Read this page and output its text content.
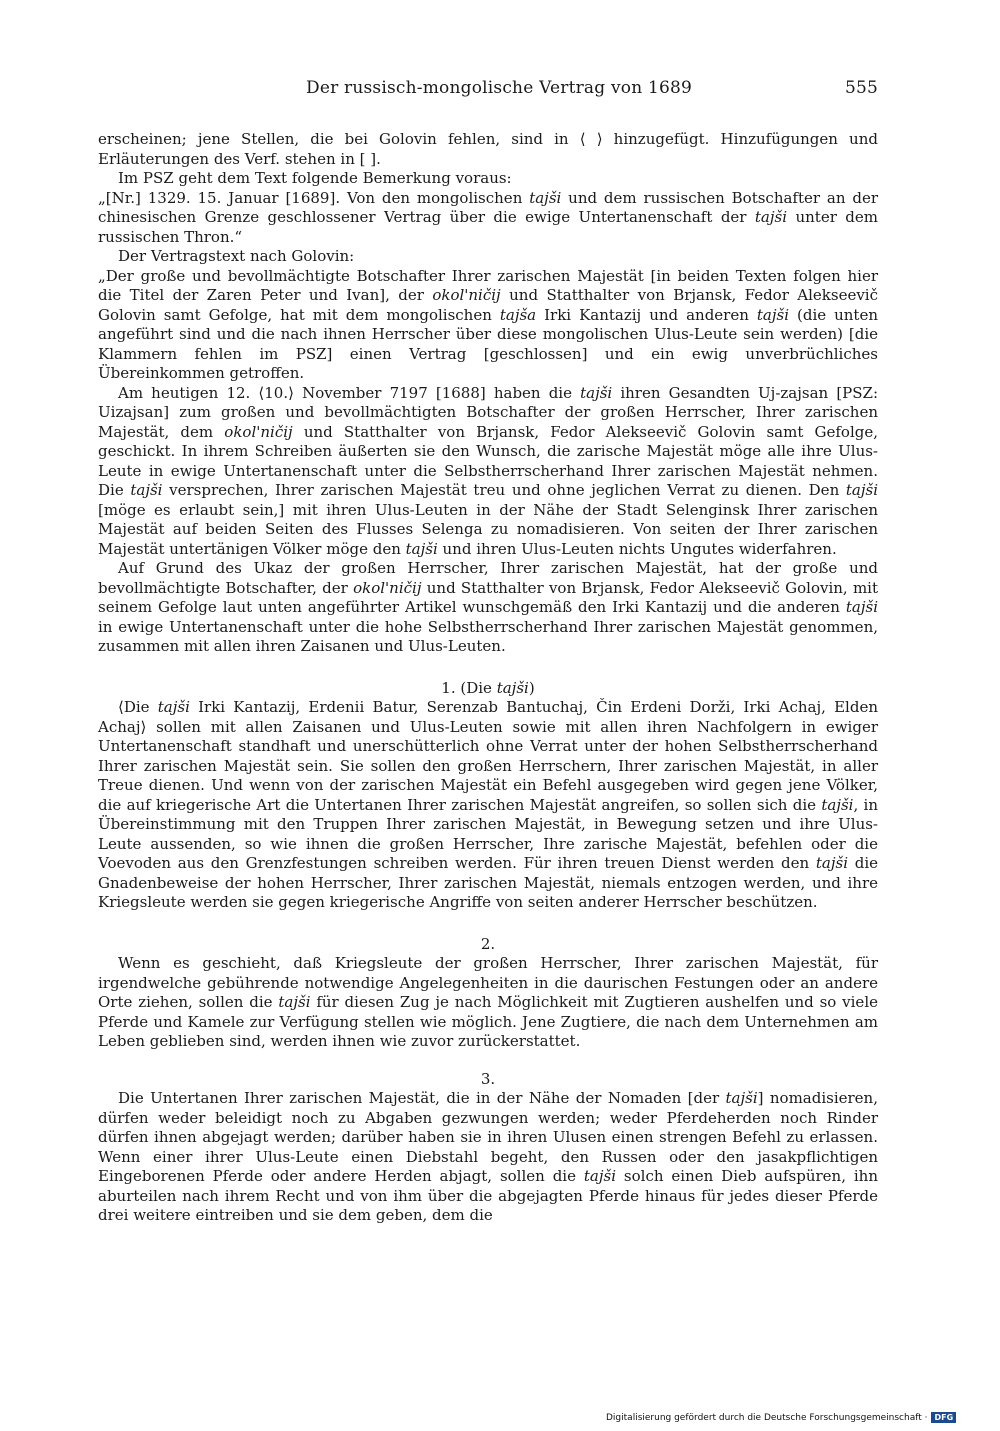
Der russisch-mongolische Vertrag von 1689	555

erscheinen; jene Stellen, die bei Golovin fehlen, sind in ⟨ ⟩ hinzugefügt. Hinzufügungen und Erläuterungen des Verf. stehen in [ ].

Im PSZ geht dem Text folgende Bemerkung voraus:

„[Nr.] 1329. 15. Januar [1689]. Von den mongolischen tajši und dem russischen Botschafter an der chinesischen Grenze geschlossener Vertrag über die ewige Untertanenschaft der tajši unter dem russischen Thron.“

Der Vertragstext nach Golovin:

„Der große und bevollmächtigte Botschafter Ihrer zarischen Majestät [in beiden Texten folgen hier die Titel der Zaren Peter und Ivan], der okol'ničij und Statthalter von Brjansk, Fedor Alekseevič Golovin samt Gefolge, hat mit dem mongolischen tajša Irki Kantazij und anderen tajši (die unten angeführt sind und die nach ihnen Herrscher über diese mongolischen Ulus-Leute sein werden) [die Klammern fehlen im PSZ] einen Vertrag [geschlossen] und ein ewig unverbrüchliches Übereinkommen getroffen.

Am heutigen 12. ⟨10.⟩ November 7197 [1688] haben die tajši ihren Gesandten Uj-zajsan [PSZ: Uizajsan] zum großen und bevollmächtigten Botschafter der großen Herrscher, Ihrer zarischen Majestät, dem okol'ničij und Statthalter von Brjansk, Fedor Alekseevič Golovin samt Gefolge, geschickt. In ihrem Schreiben äußerten sie den Wunsch, die zarische Majestät möge alle ihre Ulus-Leute in ewige Untertanenschaft unter die Selbstherrscherhand Ihrer zarischen Majestät nehmen. Die tajši versprechen, Ihrer zarischen Majestät treu und ohne jeglichen Verrat zu dienen. Den tajši [möge es erlaubt sein,] mit ihren Ulus-Leuten in der Nähe der Stadt Selenginsk Ihrer zarischen Majestät auf beiden Seiten des Flusses Selenga zu nomadisieren. Von seiten der Ihrer zarischen Majestät untertänigen Völker möge den tajši und ihren Ulus-Leuten nichts Ungutes widerfahren.

Auf Grund des Ukaz der großen Herrscher, Ihrer zarischen Majestät, hat der große und bevollmächtigte Botschafter, der okol'ničij und Statthalter von Brjansk, Fedor Alekseevič Golovin, mit seinem Gefolge laut unten angeführter Artikel wunschgemäß den Irki Kantazij und die anderen tajši in ewige Untertanenschaft unter die hohe Selbstherrscherhand Ihrer zarischen Majestät genommen, zusammen mit allen ihren Zaisanen und Ulus-Leuten.

1. (Die tajši)

⟨Die tajši Irki Kantazij, Erdenii Batur, Serenzab Bantuchaj, Čin Erdeni Dorži, Irki Achaj, Elden Achaj⟩ sollen mit allen Zaisanen und Ulus-Leuten sowie mit allen ihren Nachfolgern in ewiger Untertanenschaft standhaft und unerschütterlich ohne Verrat unter der hohen Selbstherrscherhand Ihrer zarischen Majestät sein. Sie sollen den großen Herrschern, Ihrer zarischen Majestät, in aller Treue dienen. Und wenn von der zarischen Majestät ein Befehl ausgegeben wird gegen jene Völker, die auf kriegerische Art die Untertanen Ihrer zarischen Majestät angreifen, so sollen sich die tajši, in Übereinstimmung mit den Truppen Ihrer zarischen Majestät, in Bewegung setzen und ihre Ulus-Leute aussenden, so wie ihnen die großen Herrscher, Ihre zarische Majestät, befehlen oder die Voevoden aus den Grenzfestungen schreiben werden. Für ihren treuen Dienst werden den tajši die Gnadenbeweise der hohen Herrscher, Ihrer zarischen Majestät, niemals entzogen werden, und ihre Kriegsleute werden sie gegen kriegerische Angriffe von seiten anderer Herrscher beschützen.

2.

Wenn es geschieht, daß Kriegsleute der großen Herrscher, Ihrer zarischen Majestät, für irgendwelche gebührende notwendige Angelegenheiten in die daurischen Festungen oder an andere Orte ziehen, sollen die tajši für diesen Zug je nach Möglichkeit mit Zugtieren aushelfen und so viele Pferde und Kamele zur Verfügung stellen wie möglich. Jene Zugtiere, die nach dem Unternehmen am Leben geblieben sind, werden ihnen wie zuvor zurückerstattet.

3.

Die Untertanen Ihrer zarischen Majestät, die in der Nähe der Nomaden [der tajši] nomadisieren, dürfen weder beleidigt noch zu Abgaben gezwungen werden; weder Pferdeherden noch Rinder dürfen ihnen abgejagt werden; darüber haben sie in ihren Ulusen einen strengen Befehl zu erlassen. Wenn einer ihrer Ulus-Leute einen Diebstahl begeht, den Russen oder den jasakpflichtigen Eingeborenen Pferde oder andere Herden abjagt, sollen die tajši solch einen Dieb aufspüren, ihn aburteilen nach ihrem Recht und von ihm über die abgejagten Pferde hinaus für jedes dieser Pferde drei weitere eintreiben und sie dem geben, dem die

Digitalisierung gefördert durch die Deutsche Forschungsgemeinschaft · DFG
